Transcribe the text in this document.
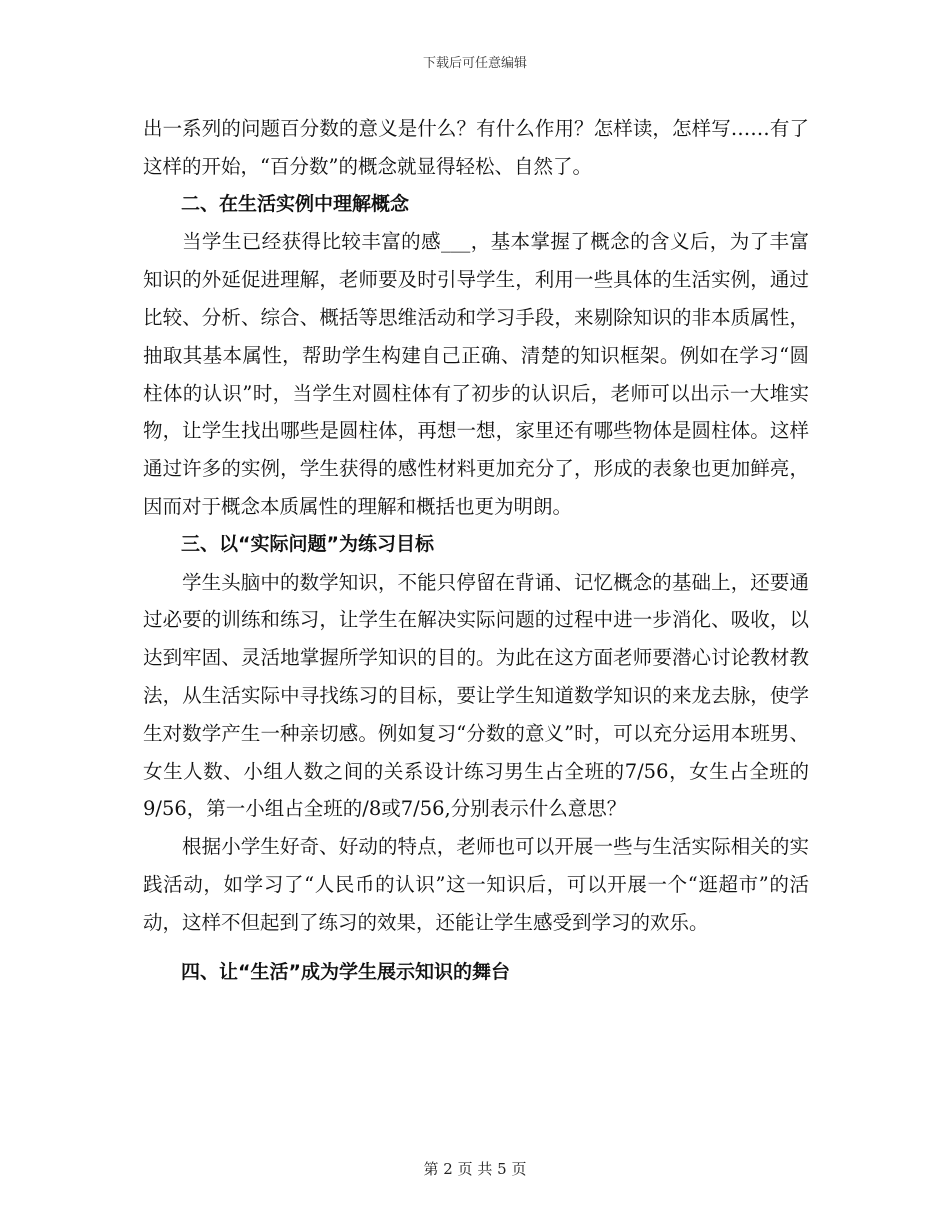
下载后可任意编辑

出一系列的问题百分数的意义是什么？有什么作用？怎样读，怎样写……有了这样的开始，“百分数”的概念就显得轻松、自然了。

二、在生活实例中理解概念

当学生已经获得比较丰富的感___，基本掌握了概念的含义后，为了丰富知识的外延促进理解，老师要及时引导学生，利用一些具体的生活实例，通过比较、分析、综合、概括等思维活动和学习手段，来剔除知识的非本质属性，抽取其基本属性，帮助学生构建自己正确、清楚的知识框架。例如在学习“圆柱体的认识”时，当学生对圆柱体有了初步的认识后，老师可以出示一大堆实物，让学生找出哪些是圆柱体，再想一想，家里还有哪些物体是圆柱体。这样通过许多的实例，学生获得的感性材料更加充分了，形成的表象也更加鲜亮，因而对于概念本质属性的理解和概括也更为明朗。

三、以“实际问题”为练习目标

学生头脑中的数学知识，不能只停留在背诵、记忆概念的基础上，还要通过必要的训练和练习，让学生在解决实际问题的过程中进一步消化、吸收，以达到牢固、灵活地掌握所学知识的目的。为此在这方面老师要潜心讨论教材教法，从生活实际中寻找练习的目标，要让学生知道数学知识的来龙去脉，使学生对数学产生一种亲切感。例如复习“分数的意义”时，可以充分运用本班男、女生人数、小组人数之间的关系设计练习男生占全班的7/56，女生占全班的9/56，第一小组占全班的/8或7/56,分别表示什么意思？

根据小学生好奇、好动的特点，老师也可以开展一些与生活实际相关的实践活动，如学习了“人民币的认识”这一知识后，可以开展一个“逛超市”的活动，这样不但起到了练习的效果，还能让学生感受到学习的欢乐。

四、让“生活”成为学生展示知识的舞台

第 2 页 共 5 页
